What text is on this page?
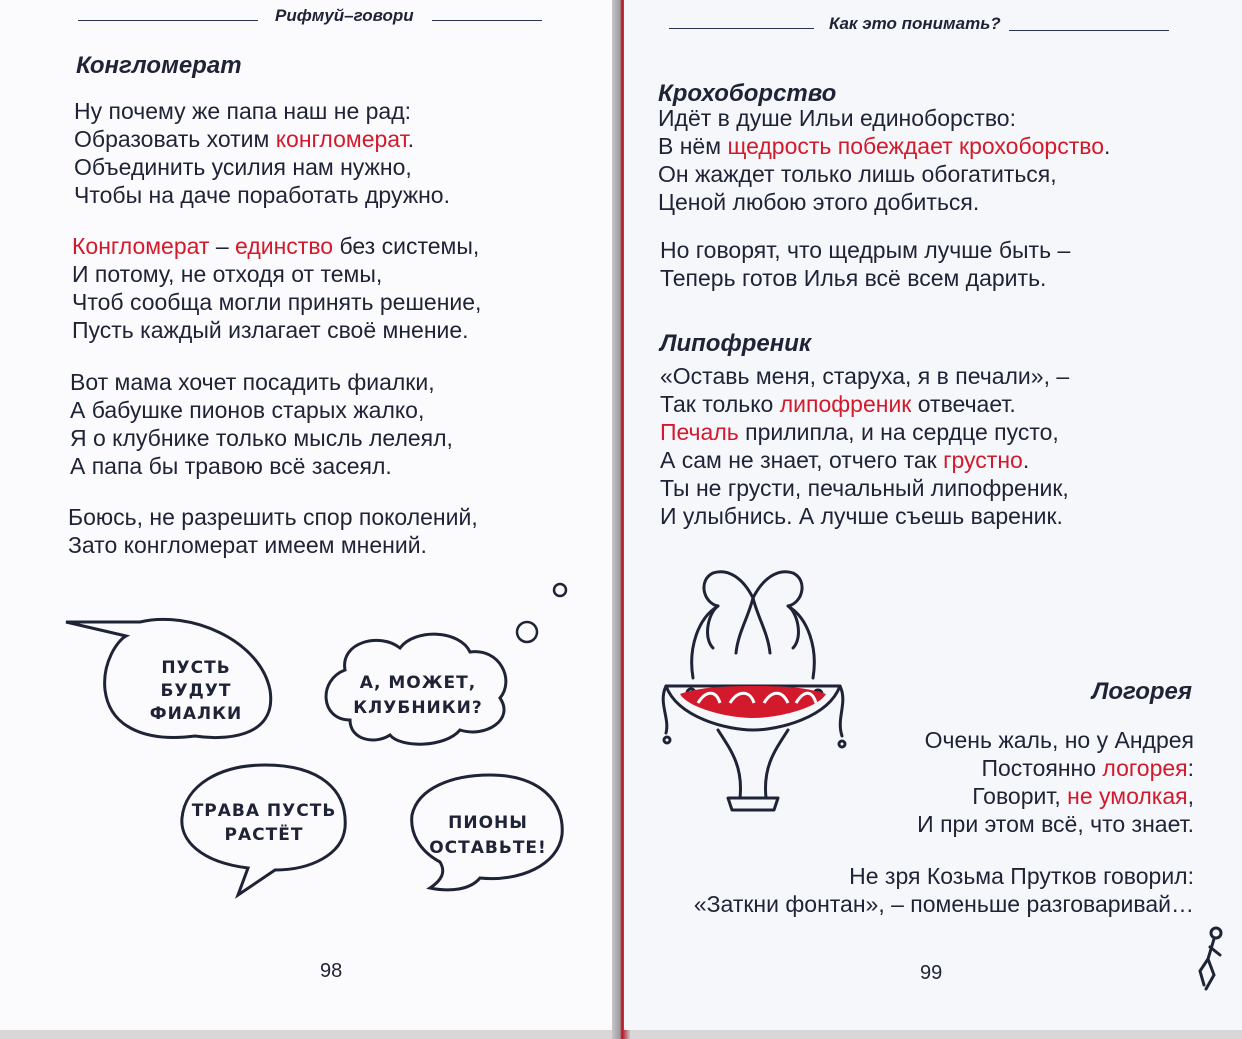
Рифмуй–говори
Конгломерат
Ну почему же папа наш не рад:
Образовать хотим конгломерат.
Объединить усилия нам нужно,
Чтобы на даче поработать дружно.
Конгломерат – единство без системы,
И потому, не отходя от темы,
Чтоб сообща могли принять решение,
Пусть каждый излагает своё мнение.
Вот мама хочет посадить фиалки,
А бабушке пионов старых жалко,
Я о клубнике только мысль лелеял,
А папа бы травою всё засеял.
Боюсь, не разрешить спор поколений,
Зато конгломерат имеем мнений.
ПУСТЬ
БУДУТ
ФИАЛКИ
А, МОЖЕТ,
КЛУБНИКИ?
ТРАВА ПУСТЬ
РАСТЁТ
ПИОНЫ
ОСТАВЬТЕ!
98
Как это понимать?
Крохоборство
Идёт в душе Ильи единоборство:
В нём щедрость побеждает крохоборство.
Он жаждет только лишь обогатиться,
Ценой любою этого добиться.
Но говорят, что щедрым лучше быть –
Теперь готов Илья всё всем дарить.
Липофреник
«Оставь меня, старуха, я в печали», –
Так только липофреник отвечает.
Печаль прилипла, и на сердце пусто,
А сам не знает, отчего так грустно.
Ты не грусти, печальный липофреник,
И улыбнись. А лучше съешь вареник.
Логорея
Очень жаль, но у Андрея
Постоянно логорея:
Говорит, не умолкая,
И при этом всё, что знает.
Не зря Козьма Прутков говорил:
«Заткни фонтан», – поменьше разговаривай…
99
